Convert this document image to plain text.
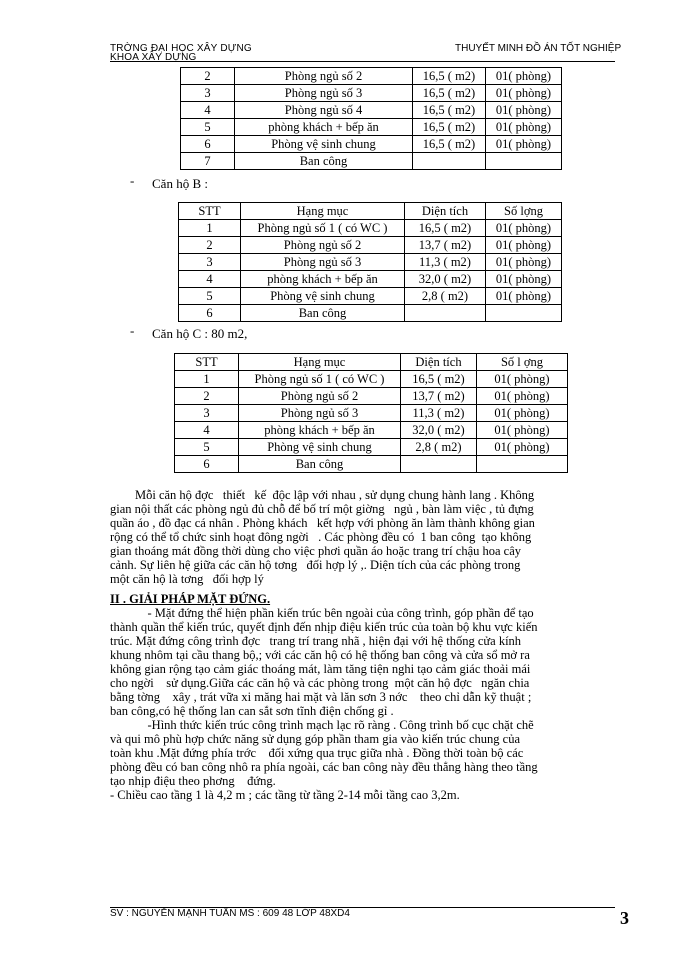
TRỜNG ĐẠI HỌC XÂY DỰNG
KHOA XÂY DỰNG
THUYẾT MINH ĐỒ ÁN TỐT NGHIỆP
2	Phòng ngủ số 2	16,5 ( m2)	01( phòng)
3	Phòng ngủ số 3	16,5 ( m2)	01( phòng)
4	Phòng ngủ số 4	16,5 ( m2)	01( phòng)
5	phòng khách + bếp ăn	16,5 ( m2)	01( phòng)
6	Phòng vệ sinh chung	16,5 ( m2)	01( phòng)
7	Ban công		
- Căn hộ B :
STT	Hạng mục	Diện tích	Số lợng
1	Phòng ngủ số 1 ( có WC )	16,5 ( m2)	01( phòng)
2	Phòng ngủ số 2	13,7 ( m2)	01( phòng)
3	Phòng ngủ số 3	11,3 ( m2)	01( phòng)
4	phòng khách + bếp ăn	32,0 ( m2)	01( phòng)
5	Phòng vệ sinh chung	2,8 ( m2)	01( phòng)
6	Ban công		
- Căn hộ C : 80 m2,
STT	Hạng mục	Diện tích	Số l ợng
1	Phòng ngủ số 1 ( có WC )	16,5 ( m2)	01( phòng)
2	Phòng ngủ số 2	13,7 ( m2)	01( phòng)
3	Phòng ngủ số 3	11,3 ( m2)	01( phòng)
4	phòng khách + bếp ăn	32,0 ( m2)	01( phòng)
5	Phòng vệ sinh chung	2,8 ( m2)	01( phòng)
6	Ban công		
Mỗi căn hộ đợc   thiết   kế  độc lập với nhau , sử dụng chung hành lang . Không
gian nội thất các phòng ngủ đủ chỗ để bố trí một giờng   ngủ , bàn làm việc , tủ đựng
quần áo , đồ đạc cá nhân . Phòng khách   kết hợp với phòng ăn làm thành không gian
rộng có thể tổ chức sinh hoạt đông ngời   . Các phòng đều có  1 ban công  tạo không
gian thoáng mát đồng thời dùng cho việc phơi quần áo hoặc trang trí chậu hoa cây
cảnh. Sự liên hệ giữa các căn hộ tơng   đối hợp lý ,. Diện tích của các phòng trong
một căn hộ là tơng   đối hợp lý
II . GIẢI PHÁP MẶT ĐỨNG.
- Mặt đứng thể hiện phần kiến trúc bên ngoài của công trình, góp phần để tạo
thành quần thể kiến trúc, quyết định đến nhịp điệu kiến trúc của toàn bộ khu vực kiến
trúc. Mặt đứng công trình đợc   trang trí trang nhã , hiện đại với hệ thống cửa kính
khung nhôm tại cầu thang bộ,; với các căn hộ có hệ thống ban công và cửa sổ mở ra
không gian rộng tạo cảm giác thoáng mát, làm tăng tiện nghi tạo cảm giác thoải mái
cho ngời    sử dụng.Giữa các căn hộ và các phòng trong  một căn hộ đợc   ngăn chia
bằng tờng    xây , trát vữa xi măng hai mặt và lăn sơn 3 nớc    theo chỉ dẫn kỹ thuật ;
ban công,có hệ thống lan can sắt sơn tĩnh điện chống gỉ .
-Hình thức kiến trúc công trình mạch lạc rõ ràng . Công trình bố cục chặt chẽ
và qui mô phù hợp chức năng sử dụng góp phần tham gia vào kiến trúc chung của
toàn khu .Mặt đứng phía trớc    đối xứng qua trục giữa nhà . Đồng thời toàn bộ các
phòng đều có ban công nhô ra phía ngoài, các ban công này đều thẳng hàng theo tầng
tạo nhịp điệu theo phơng    đứng.
- Chiều cao tầng 1 là 4,2 m ; các tầng từ tầng 2-14 mỗi tầng cao 3,2m.
SV : NGUYỄN MẠNH TUẤN MS : 609 48 LỚP 48XD4	3
